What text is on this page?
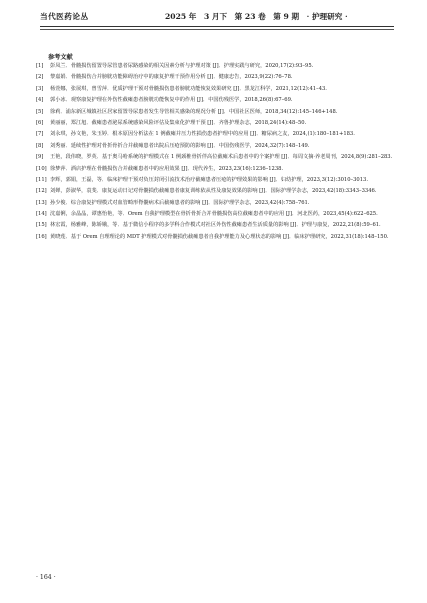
当代医药论丛	2025 年　3 月下　第 23 卷　第 9 期　· 护理研究 ·
参考文献
[1] 彭凤兰．骨髓损伤留置导尿管患者尿路感染的相关因素分析与护理对策 [J]．护理实践与研究，2020,17(2):93–95.
[2] 黎嘉娟．骨髓损伤合并膀胱功能障碍治疗中的康复护理干预作用分析 [J]．健康忠告，2023,9(22):76–78.
[3] 杨萱娜，张展琪，曾雪萍．优质护理干预对骨髓损伤患者膀胱功能恢复效果研究 [J]．黑龙江科学，2021,12(12):41–43.
[4] 郭小冰．观察康复护理在外伤性截瘫患者膀胱功能恢复中的作用 [J]．中国伤残医学，2018,26(8):67–69.
[5] 徐莉．浦东新区城镇社区居家留置导尿患者发生导管相关感染的现况分析 [J]．中国社区医师，2018,34(12):145–146+148.
[6] 黄丽丽，郑江旭．截瘫患者泌尿系统感染风险评估及集束化护理干预 [J]．齐鲁护理杂志，2018,24(14):48–50.
[7] 刘永琪，孙文艳，朱玉婷．根本原因分析法在 1 例截瘫并压力性损伤患者护理中的应用 [J]．糖尿病之友，2024,(1):180–181+183.
[8] 刘秀丽．延续性护理对骨折骨折合并截瘫患者出院后压疮预防的影响 [J]．中国伤残医学，2024,32(7):148–149.
[9] 王艳，段伟晓，罗英．基于奥马哈系统的护理模式在 1 例颈椎骨折伴高位截瘫术后患者中的个案护理 [J]．每周文摘·养老周刊，2024,8(9):281–283.
[10] 徐梦萍．酒店护理在骨髓损伤合并截瘫患者中的应用效果 [J]．现代养生，2023,23(16):1236–1238.
[11] 李辉，郭娟，王磊，等．临床护理干预对负压封闭引流技术治疗截瘫患者压疮的护理效果的影响 [J]．妇幼护理，2023,3(12):3010–3013.
[12] 刘婵，彭淑华，袁斐．康复运动日记对骨髓损伤截瘫患者康复训练依从性及康复效果的影响 [J]．国际护理学杂志，2023,42(18):3343–3346.
[13] 孙少俊．综合康复护理模式对血管畸形脊髓病术后截瘫患者的影响 [J]．国际护理学杂志，2023,42(4):758–761.
[14] 沈嘉俐，余晶晶，谭惠怡艳，等．Orem 自我护理模型在骨折骨折合并骨髓损伤高位截瘫患者中的应用 [J]．河北医药，2023,45(4):622–625.
[15] 林宏霞，杨雅峰，陈娇娥，等．基于微信小程序的多学科合作模式对社区外伤性截瘫患者生活质量的影响 [J]．护理与康复，2022,21(8):59–61.
[16] 黄晓莲．基于 Orem 自理理论的 MDT 护理模式对骨髓损伤截瘫患者自我护理能力及心理状态的影响 [J]．临床护理研究，2022,31(18):148–150.
· 164 ·
